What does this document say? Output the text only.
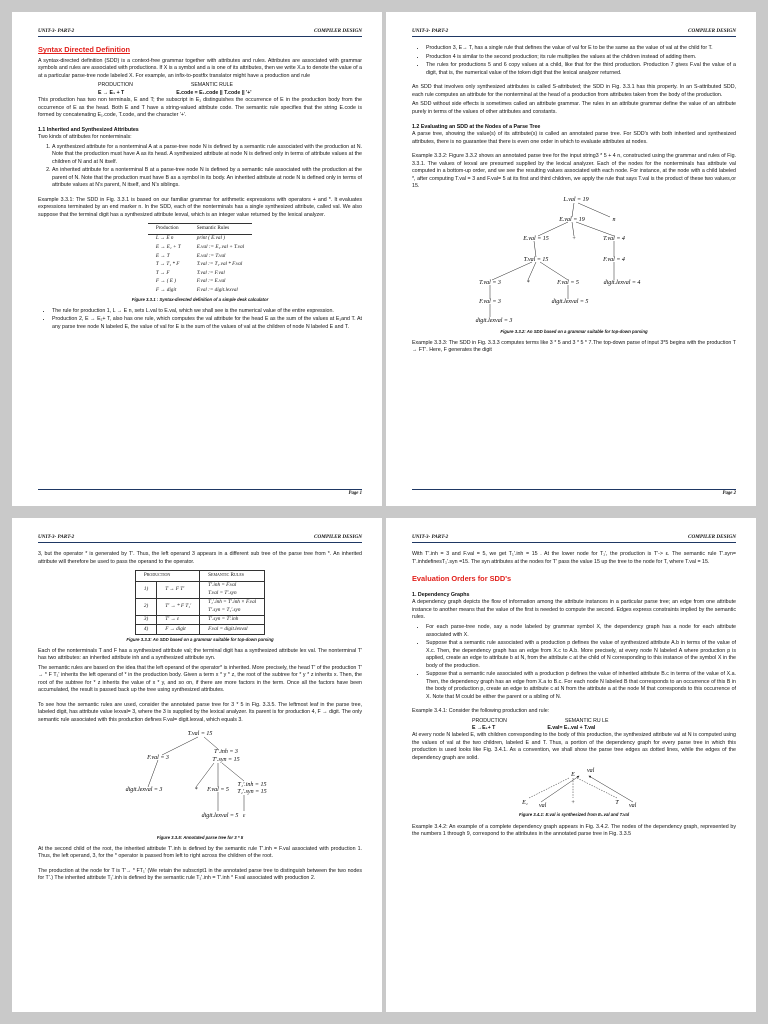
UNIT-3- PART-2	COMPILER DESIGN
Syntax Directed Definition

A syntax-directed definition (SDD) is a context-free grammar together with attributes and rules. Attributes are associated with grammar symbols and rules are associated with productions. If X is a symbol and a is one of its attributes, then we write X.a to denote the value of a at a particular parse-tree node labeled X. For example, an infix-to-postfix translator might have a production and rule

PRODUCTION	SEMANTIC RULE
E → E₁ + T	E.code = E₁.code || T.code || '+'

This production has two non terminals, E and T; the subscript in E₁ distinguishes the occurrence of E in the production body from the occurrence of E as the head. Both E and T have a string-valued attribute code. The semantic rule specifies that the string E.code is formed by concatenating E₁.code, T.code, and the character '+'.

1.1 Inherited and Synthesized Attributes

Two kinds of attributes for nonterminals:

1. A synthesized attribute for a nonterminal A at a parse-tree node N is defined by a semantic rule associated with the production at N. Note that the production must have A as its head. A synthesized attribute at node N is defined only in terms of attribute values at the children of N and at N itself.
2. An inherited attribute for a nonterminal B at a parse-tree node N is defined by a semantic rule associated with the production at the parent of N. Note that the production must have B as a symbol in its body. An inherited attribute at node N is defined only in terms of attribute values at N's parent, N itself, and N's siblings.

Example 3.3.1: The SDD in Fig. 3.3.1 is based on our familiar grammar for arithmetic expressions with operators + and *. It evaluates expressions terminated by an end marker n. In the SDD, each of the nonterminals has a single synthesized attribute, called val. We also suppose that the terminal digit has a synthesized attribute lexval, which is an integer value returned by the lexical analyzer.

Production	Semantic Rules
L → E n	print ( E.val )
E → E₁ + T	E.val := E₁.val + T.val
E → T	E.val := T.val
T → T₁ * F	T.val := T₁.val * F.val
T → F	T.val := F.val
F → ( E )	F.val := E.val
F → digit	F.val := digit.lexval
Figure 3.3.1 : Syntax-directed definition of a simple desk calculator
• The rule for production 1, L → E n, sets L.val to E.val, which we shall see is the numerical value of the entire expression.
• Production 2, E → E₁+ T, also has one rule, which computes the val attribute for the head E as the sum of the values at E₁and T. At any parse tree node N labeled E, the value of val for E is the sum of the values of val at the children of node N labeled E and T.
Page 1
UNIT-3- PART-2	COMPILER DESIGN
• Production 3, E→ T, has a single rule that defines the value of val for E to be the same as the value of val at the child for T.
• Production 4 is similar to the second production; its rule multiplies the values at the children instead of adding them.
• The rules for productions 5 and 6 copy values at a child, like that for the third production. Production 7 gives F.val the value of a digit, that is, the numerical value of the token digit that the lexical analyzer returned.

An SDD that involves only synthesized attributes is called S-attributed; the SDD in Fig. 3.3.1 has this property. In an S-attributed SDD, each rule computes an attribute for the nonterminal at the head of a production from attributes taken from the body of the production.

An SDD without side effects is sometimes called an attribute grammar. The rules in an attribute grammar define the value of an attribute purely in terms of the values of other attributes and constants.

1.2 Evaluating an SDD at the Nodes of a Parse Tree

A parse tree, showing the value(s) of its attribute(s) is called an annotated parse tree. For SDD's with both inherited and synthesized attributes, there is no guarantee that there is even one order in which to evaluate attributes at nodes.

Example 3.3.2: Figure 3.3.2 shows an annotated parse tree for the input string3 * 5 + 4 n, constructed using the grammar and rules of Fig. 3.3.1. The values of lexval are presumed supplied by the lexical analyzer. Each of the nodes for the nonterminals has attribute val computed in a bottom-up order, and we see the resulting values associated with each node. For instance, at the node with a child labeled *, after computing T.val = 3 and F.val= 5 at its first and third children, we apply the rule that says T.val is the product of these two values,or 15.

L.val = 19
E.val = 19	n
E.val = 15	+	T.val = 4
T.val = 15	F.val = 4
T.val = 3	*	F.val = 5	digit.lexval = 4
F.val = 3	digit.lexval = 5
digit.lexval = 3
Figure 3.3.2: An SDD based on a grammar suitable for top-down parsing

Example 3.3.3: The SDD in Fig. 3.3.3 computes terms like 3 * 5 and 3 * 5 * 7.The top-down parse of input 3*5 begins with the production T → FT'. Here, F generates the digit

Page 2
UNIT-3- PART-2	COMPILER DESIGN

3, but the operator * is generated by T'. Thus, the left operand 3 appears in a different sub tree of the parse tree from *. An inherited attribute will therefore be used to pass the operand to the operator.

Production		Semantic Rules
1)	T → F T'	T'.inh = F.val
T.val = T'.syn
2)	T' → * F T₁'	T₁'.inh = T'.inh × F.val
T'.syn = T₁'.syn
3)	T' → ε	T'.syn = T'.inh
4)	F → digit	F.val = digit.lexval
Figure 3.3.3: An SDD based on a grammar suitable for top-down parsing

Each of the nonterminals T and F has a synthesized attribute val; the terminal digit has a synthesized attribute lex val. The nonterminal T' has two attributes: an inherited attribute inh and a synthesized attribute syn.

The semantic rules are based on the idea that the left operand of the operator* is inherited. More precisely, the head T' of the production T' → * F T₁' inherits the left operand of * in the production body. Given a term x * y * z, the root of the subtree for * y * z inherits x. Then, the root of the subtree for * z inherits the value of x * y, and so on, if there are more factors in the term. Once all the factors have been accumulated, the result is passed back up the tree using synthesized attributes.

To see how the semantic rules are used, consider the annotated parse tree for 3 * 5 in Fig. 3.3.5. The leftmost leaf in the parse tree, labeled digit, has attribute value lexval= 3, where the 3 is supplied by the lexical analyzer. Its parent is for production 4, F → digit. The only semantic rule associated with this production defines F.val= digit.lexval, which equals 3.

T.val = 15
F.val = 3
T'.inh = 3
T'.syn = 15
digit.lexval = 3	* F.val = 5
T₁'.inh = 15
T₁'.syn = 15
ε
digit.lexval = 5
Figure 3.3.5: Annotated parse tree for 3 * 5

At the second child of the root, the inherited attribute T'.inh is defined by the semantic rule T'.inh = F.val associated with production 1. Thus, the left operand, 3, for the * operator is passed from left to right across the children of the root.

The production at the node for T is T'→ * FT₁' (We retain the subscript1 in the annotated parse tree to distinguish between the two nodes for T'.) The inherited attribute T₁'.inh is defined by the semantic rule T₁'.inh = T'.inh * F.val associated with production 2.

UNIT-3- PART-2	COMPILER DESIGN

With T'.inh = 3 and F.val = 5, we get T₁'.inh = 15 . At the lower node for T₁', the production is T'-> ε. The semantic rule T'.syn= T'.inhdefinesT₁'.syn =15. The syn attributes at the nodes for T' pass the value 15 up the tree to the node for T, where T.val = 15.

Evaluation Orders for SDD's
1. Dependency Graphs

A dependency graph depicts the flow of information among the attribute instances in a particular parse tree; an edge from one attribute instance to another means that the value of the first is needed to compute the second. Edges express constraints implied by the semantic rules.

• For each parse-tree node, say a node labeled by grammar symbol X, the dependency graph has a node for each attribute associated with X.
• Suppose that a semantic rule associated with a production p defines the value of synthesized attribute A.b in terms of the value of X.c. Then, the dependency graph has an edge from X.c to A.b. More precisely, at every node N labeled A where production p is applied, create an edge to attribute b at N, from the attribute c at the child of N corresponding to this instance of the symbol X in the body of the production.
• Suppose that a semantic rule associated with a production p defines the value of inherited attribute B.c in terms of the value of X.a. Then, the dependency graph has an edge from X.a to B.c. For each node N labeled B that corresponds to an occurrence of this B in the body of production p, create an edge to attribute c at N from the attribute a at the node M that corresponds to this occurrence of X. Note that M could be either the parent or a sibling of N.

Example 3.4.1: Consider the following production and rule:

PRODUCTION	SEMANTIC RU LE
E →E₁+ T	E.val= E₁.val + T.val

At every node N labeled E, with children corresponding to the body of this production, the synthesized attribute val at N is computed using the values of val at the two children, labeled E and T. Thus, a portion of the dependency graph for every parse tree in which this production is used looks like Fig. 3.4.1. As a convention, we shall show the parse tree edges as dotted lines, while the edges of the dependency graph are solid.

E
val
E₁ val	+	T val
Figure 3.4.1: E.val is synthesized from E₁.val and T.val

Example 3.4.2: An example of a complete dependency graph appears in Fig. 3.4.2. The nodes of the dependency graph, represented by the numbers 1 through 9, correspond to the attributes in the annotated parse tree in Fig. 3.3.5
